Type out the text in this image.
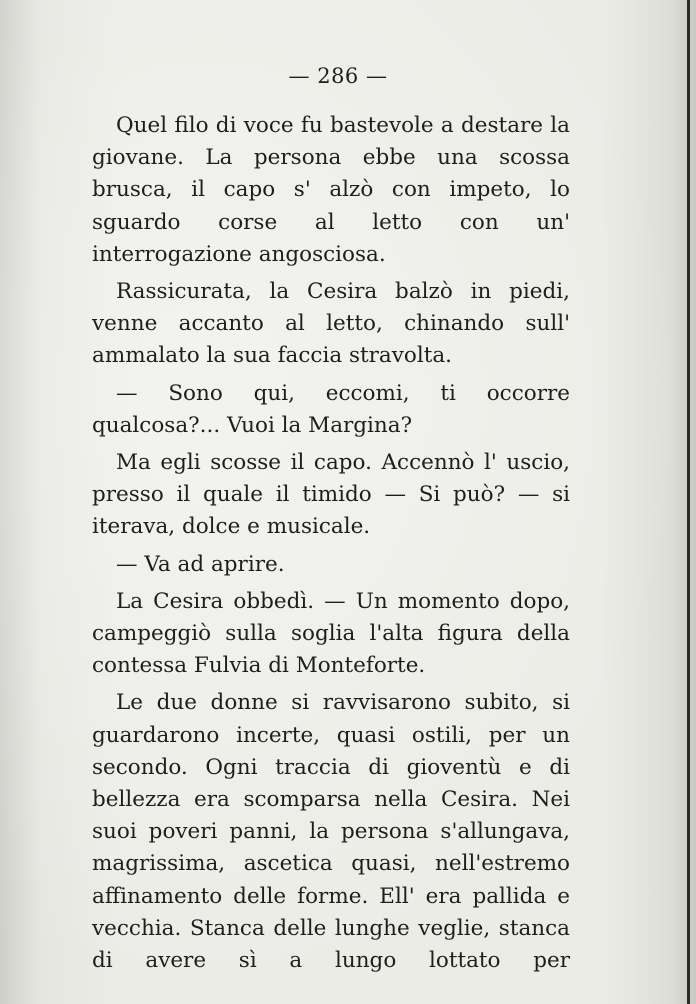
— 286 —

Quel filo di voce fu bastevole a destare la giovane. La persona ebbe una scossa brusca, il capo s' alzò con impeto, lo sguardo corse al letto con un' interrogazione angosciosa.

Rassicurata, la Cesira balzò in piedi, venne accanto al letto, chinando sull' ammalato la sua faccia stravolta.

— Sono qui, eccomi, ti occorre qualcosa?... Vuoi la Margina?

Ma egli scosse il capo. Accennò l' uscio, presso il quale il timido — Si può? — si iterava, dolce e musicale.

— Va ad aprire.

La Cesira obbedì. — Un momento dopo, campeggiò sulla soglia l'alta figura della contessa Fulvia di Monteforte.

Le due donne si ravvisarono subito, si guardarono incerte, quasi ostili, per un secondo. Ogni traccia di gioventù e di bellezza era scomparsa nella Cesira. Nei suoi poveri panni, la persona s'allungava, magrissima, ascetica quasi, nell'estremo affinamento delle forme. Ell' era pallida e vecchia. Stanca delle lunghe veglie, stanca di avere sì a lungo lottato per
